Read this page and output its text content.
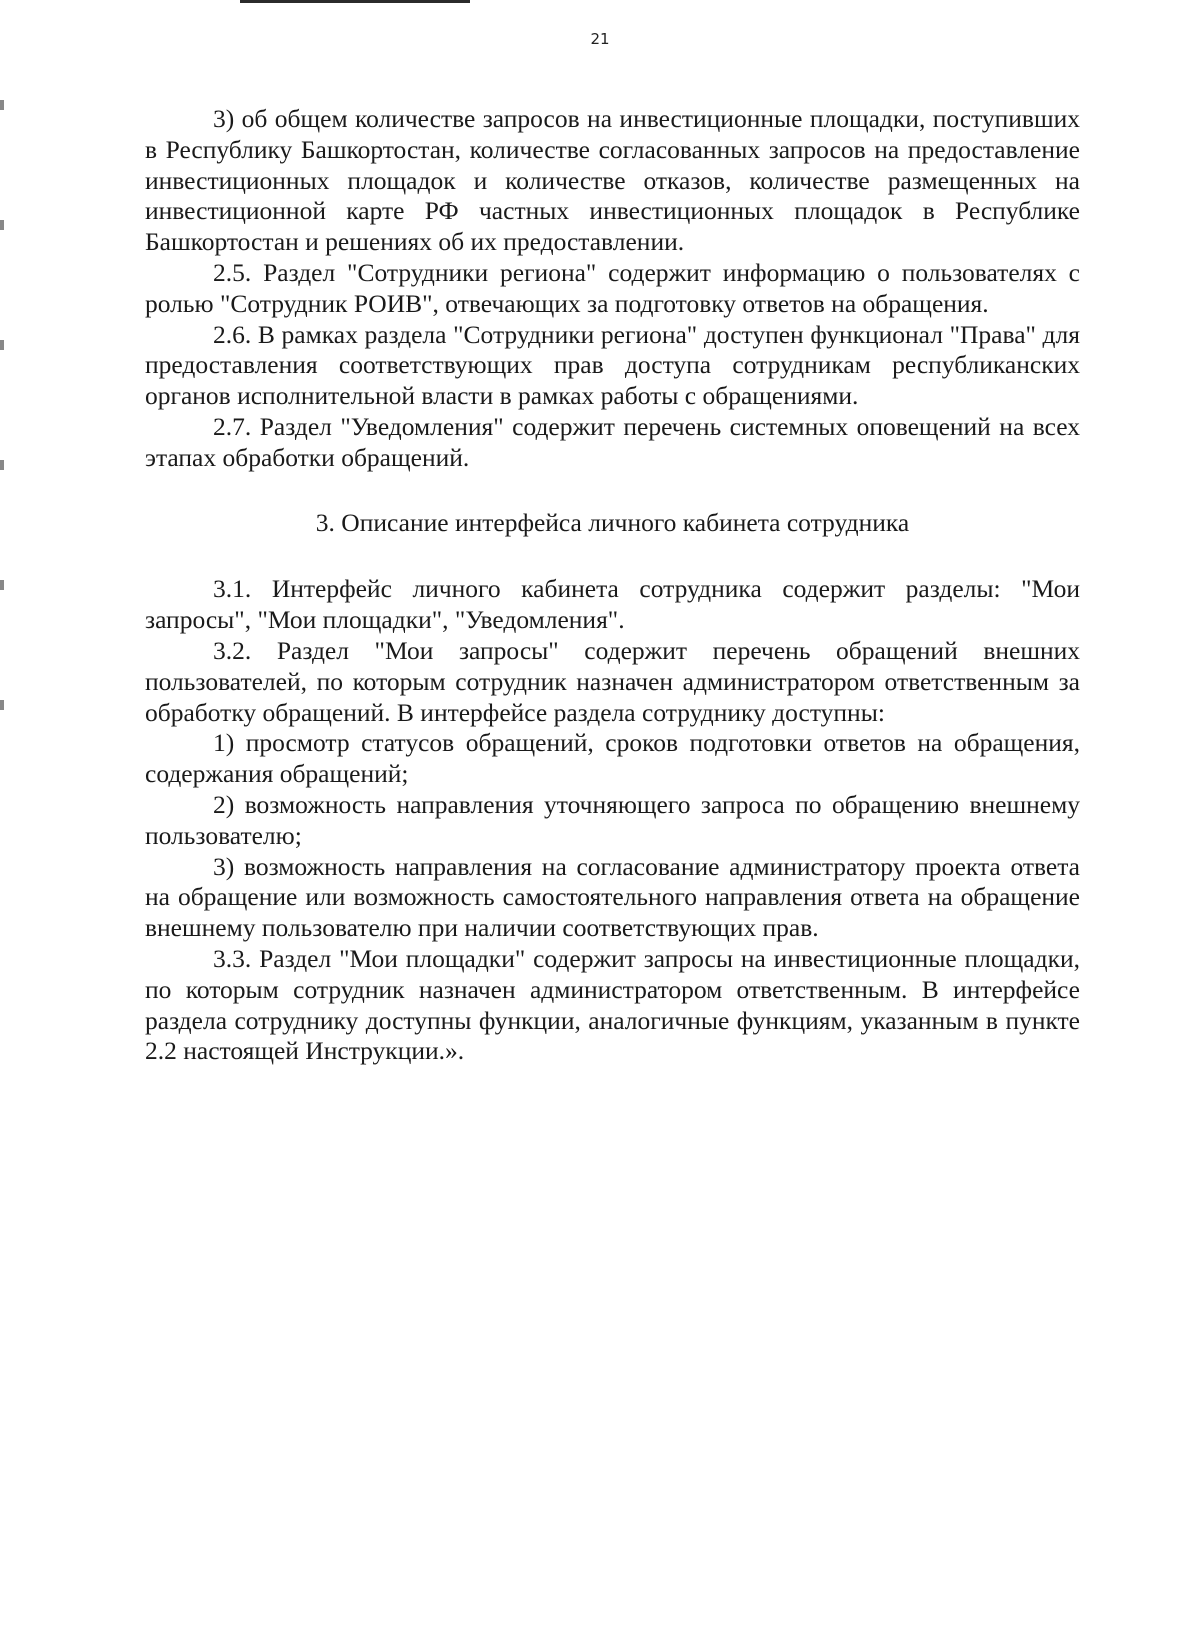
21

3) об общем количестве запросов на инвестиционные площадки, поступивших в Республику Башкортостан, количестве согласованных запросов на предоставление инвестиционных площадок и количестве отказов, количестве размещенных на инвестиционной карте РФ частных инвестиционных площадок в Республике Башкортостан и решениях об их предоставлении.

2.5. Раздел "Сотрудники региона" содержит информацию о пользователях с ролью "Сотрудник РОИВ", отвечающих за подготовку ответов на обращения.

2.6. В рамках раздела "Сотрудники региона" доступен функционал "Права" для предоставления соответствующих прав доступа сотрудникам республиканских органов исполнительной власти в рамках работы с обращениями.

2.7. Раздел "Уведомления" содержит перечень системных оповещений на всех этапах обработки обращений.

3. Описание интерфейса личного кабинета сотрудника

3.1. Интерфейс личного кабинета сотрудника содержит разделы: "Мои запросы", "Мои площадки", "Уведомления".

3.2. Раздел "Мои запросы" содержит перечень обращений внешних пользователей, по которым сотрудник назначен администратором ответственным за обработку обращений. В интерфейсе раздела сотруднику доступны:

1) просмотр статусов обращений, сроков подготовки ответов на обращения, содержания обращений;

2) возможность направления уточняющего запроса по обращению внешнему пользователю;

3) возможность направления на согласование администратору проекта ответа на обращение или возможность самостоятельного направления ответа на обращение внешнему пользователю при наличии соответствующих прав.

3.3. Раздел "Мои площадки" содержит запросы на инвестиционные площадки, по которым сотрудник назначен администратором ответственным. В интерфейсе раздела сотруднику доступны функции, аналогичные функциям, указанным в пункте 2.2 настоящей Инструкции.».
